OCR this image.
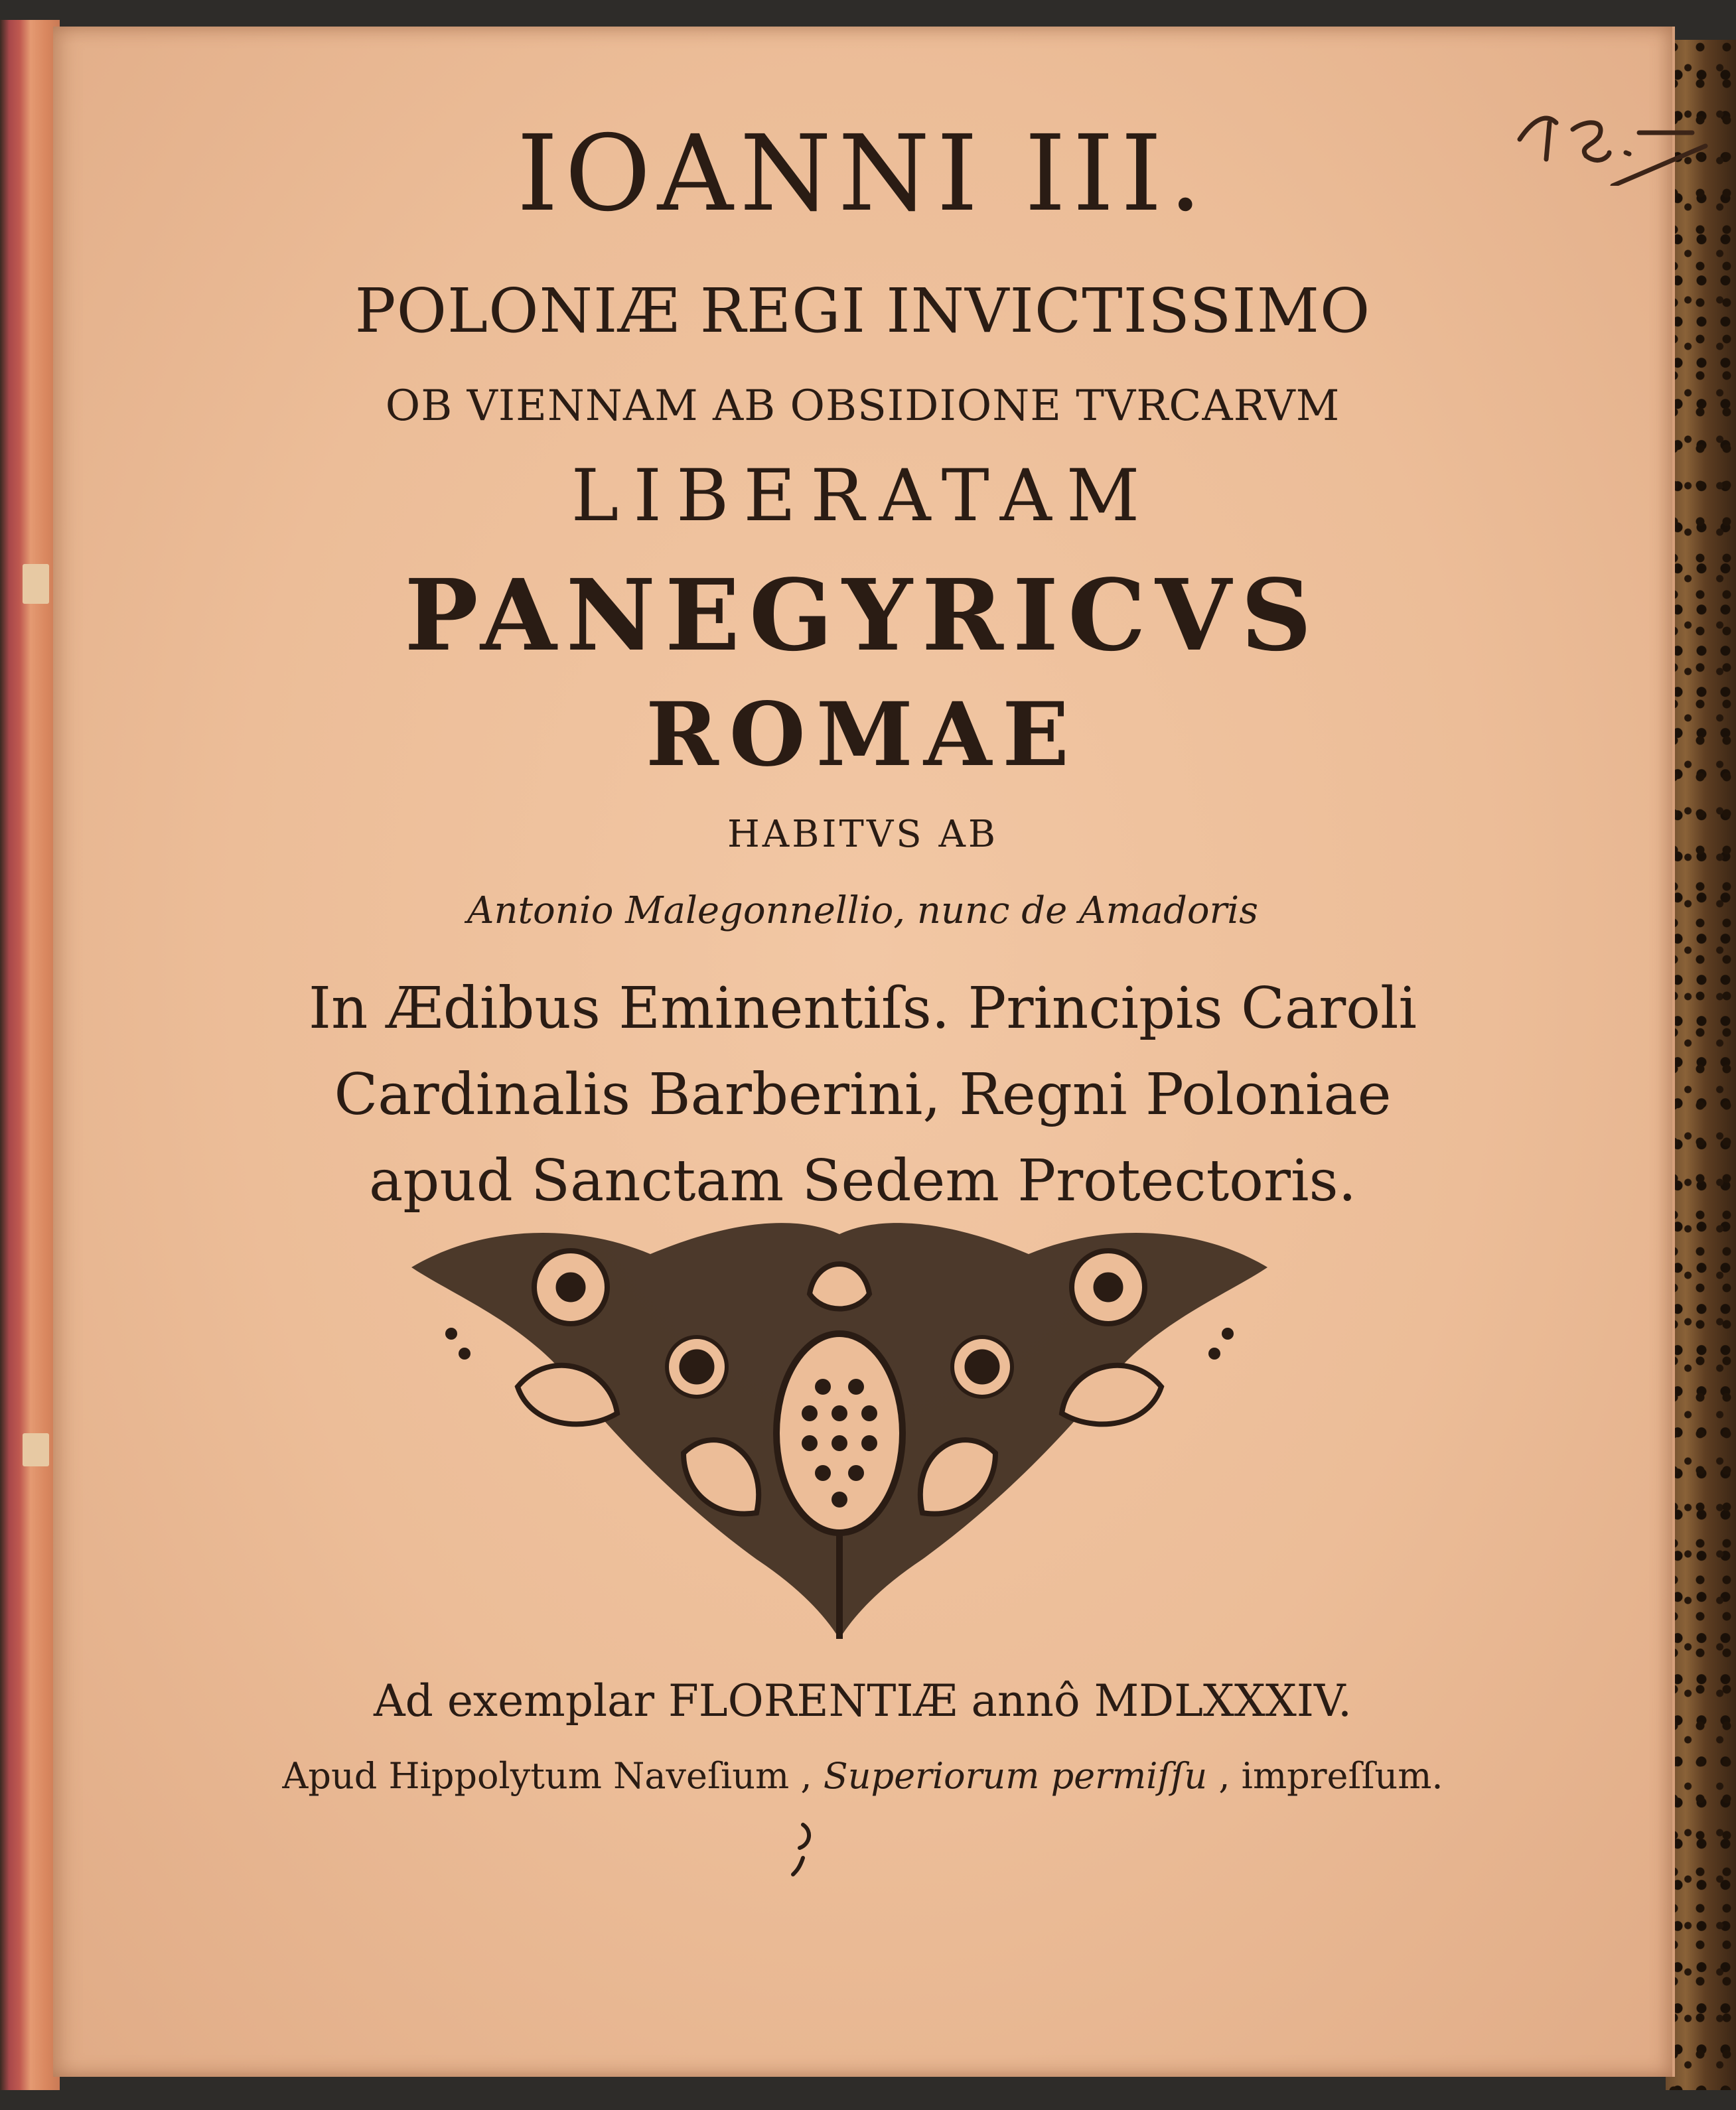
IOANNI III.
POLONIÆ REGI INVICTISSIMO
OB VIENNAM AB OBSIDIONE TVRCARVM
LIBERATAM
PANEGYRICVS
ROMAE
HABITVS AB
Antonio Malegonnellio, nunc de Amadoris
In Ædibus Eminentiſs. Principis Caroli
Cardinalis Barberini, Regni Poloniae
apud Sanctam Sedem Protectoris.
Ad exemplar FLORENTIÆ annô MDLXXXIV.
Apud Hippolytum Naveſium , Superiorum permiſſu , impreſſum.
